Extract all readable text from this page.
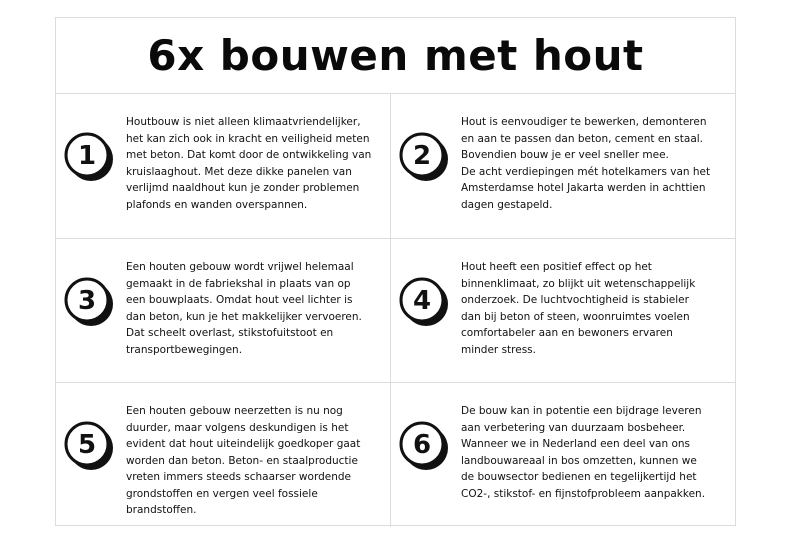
6x bouwen met hout
1
Houtbouw is niet alleen klimaatvriendelijker,
het kan zich ook in kracht en veiligheid meten
met beton. Dat komt door de ontwikkeling van
kruislaaghout. Met deze dikke panelen van
verlijmd naaldhout kun je zonder problemen
plafonds en wanden overspannen.
2
Hout is eenvoudiger te bewerken, demonteren
en aan te passen dan beton, cement en staal.
Bovendien bouw je er veel sneller mee.
De acht verdiepingen mét hotelkamers van het
Amsterdamse hotel Jakarta werden in achttien
dagen gestapeld.
3
Een houten gebouw wordt vrijwel helemaal
gemaakt in de fabriekshal in plaats van op
een bouwplaats. Omdat hout veel lichter is
dan beton, kun je het makkelijker vervoeren.
Dat scheelt overlast, stikstofuitstoot en
transportbewegingen.
4
Hout heeft een positief effect op het
binnenklimaat, zo blijkt uit wetenschappelijk
onderzoek. De luchtvochtigheid is stabieler
dan bij beton of steen, woonruimtes voelen
comfortabeler aan en bewoners ervaren
minder stress.
5
Een houten gebouw neerzetten is nu nog
duurder, maar volgens deskundigen is het
evident dat hout uiteindelijk goedkoper gaat
worden dan beton. Beton- en staalproductie
vreten immers steeds schaarser wordende
grondstoffen en vergen veel fossiele
brandstoffen.
6
De bouw kan in potentie een bijdrage leveren
aan verbetering van duurzaam bosbeheer.
Wanneer we in Nederland een deel van ons
landbouwareaal in bos omzetten, kunnen we
de bouwsector bedienen en tegelijkertijd het
CO2-, stikstof- en fijnstofprobleem aanpakken.
